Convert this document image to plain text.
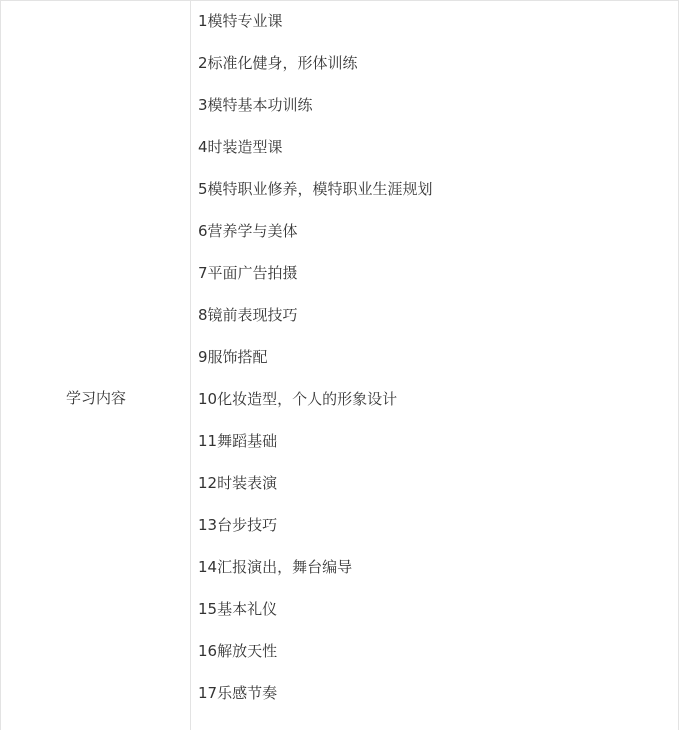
学习内容
1模特专业课
2标准化健身，形体训练
3模特基本功训练
4时装造型课
5模特职业修养，模特职业生涯规划
6营养学与美体
7平面广告拍摄
8镜前表现技巧
9服饰搭配
10化妆造型，个人的形象设计
11舞蹈基础
12时装表演
13台步技巧
14汇报演出，舞台编导
15基本礼仪
16解放天性
17乐感节奏
